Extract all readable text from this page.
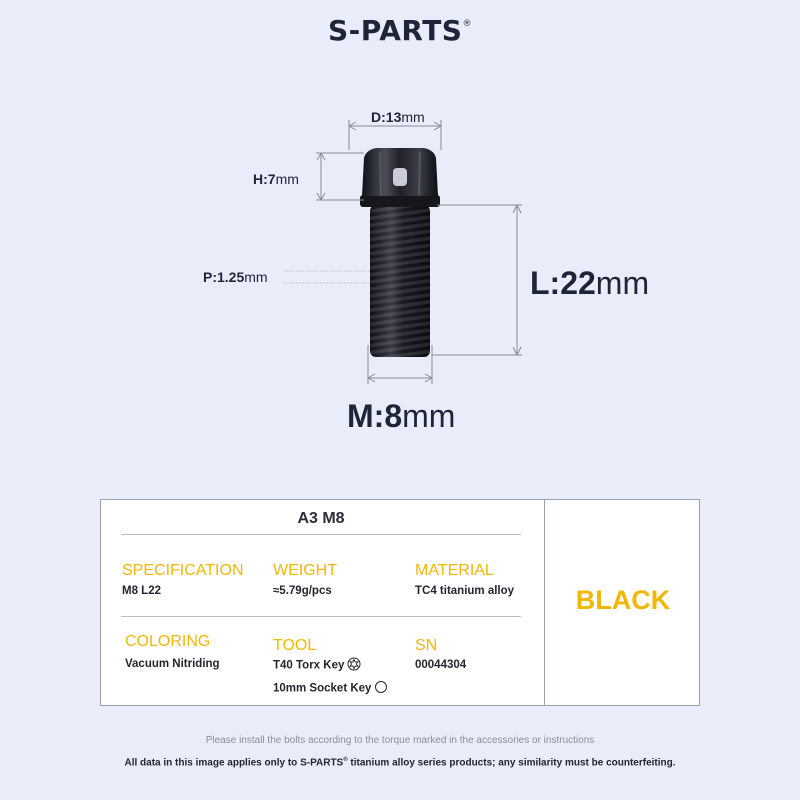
S-PARTS®
D:13mm
H:7mm
P:1.25mm	L:22mm
M:8mm
A3 M8
SPECIFICATION
M8 L22
WEIGHT
≈5.79g/pcs
MATERIAL
TC4 titanium alloy
COLORING
Vacuum Nitriding
TOOL
T40 Torx Key
10mm Socket Key
SN
00044304
BLACK
Please install the bolts according to the torque marked in the accessories or instructions
All data in this image applies only to S-PARTS® titanium alloy series products; any similarity must be counterfeiting.
